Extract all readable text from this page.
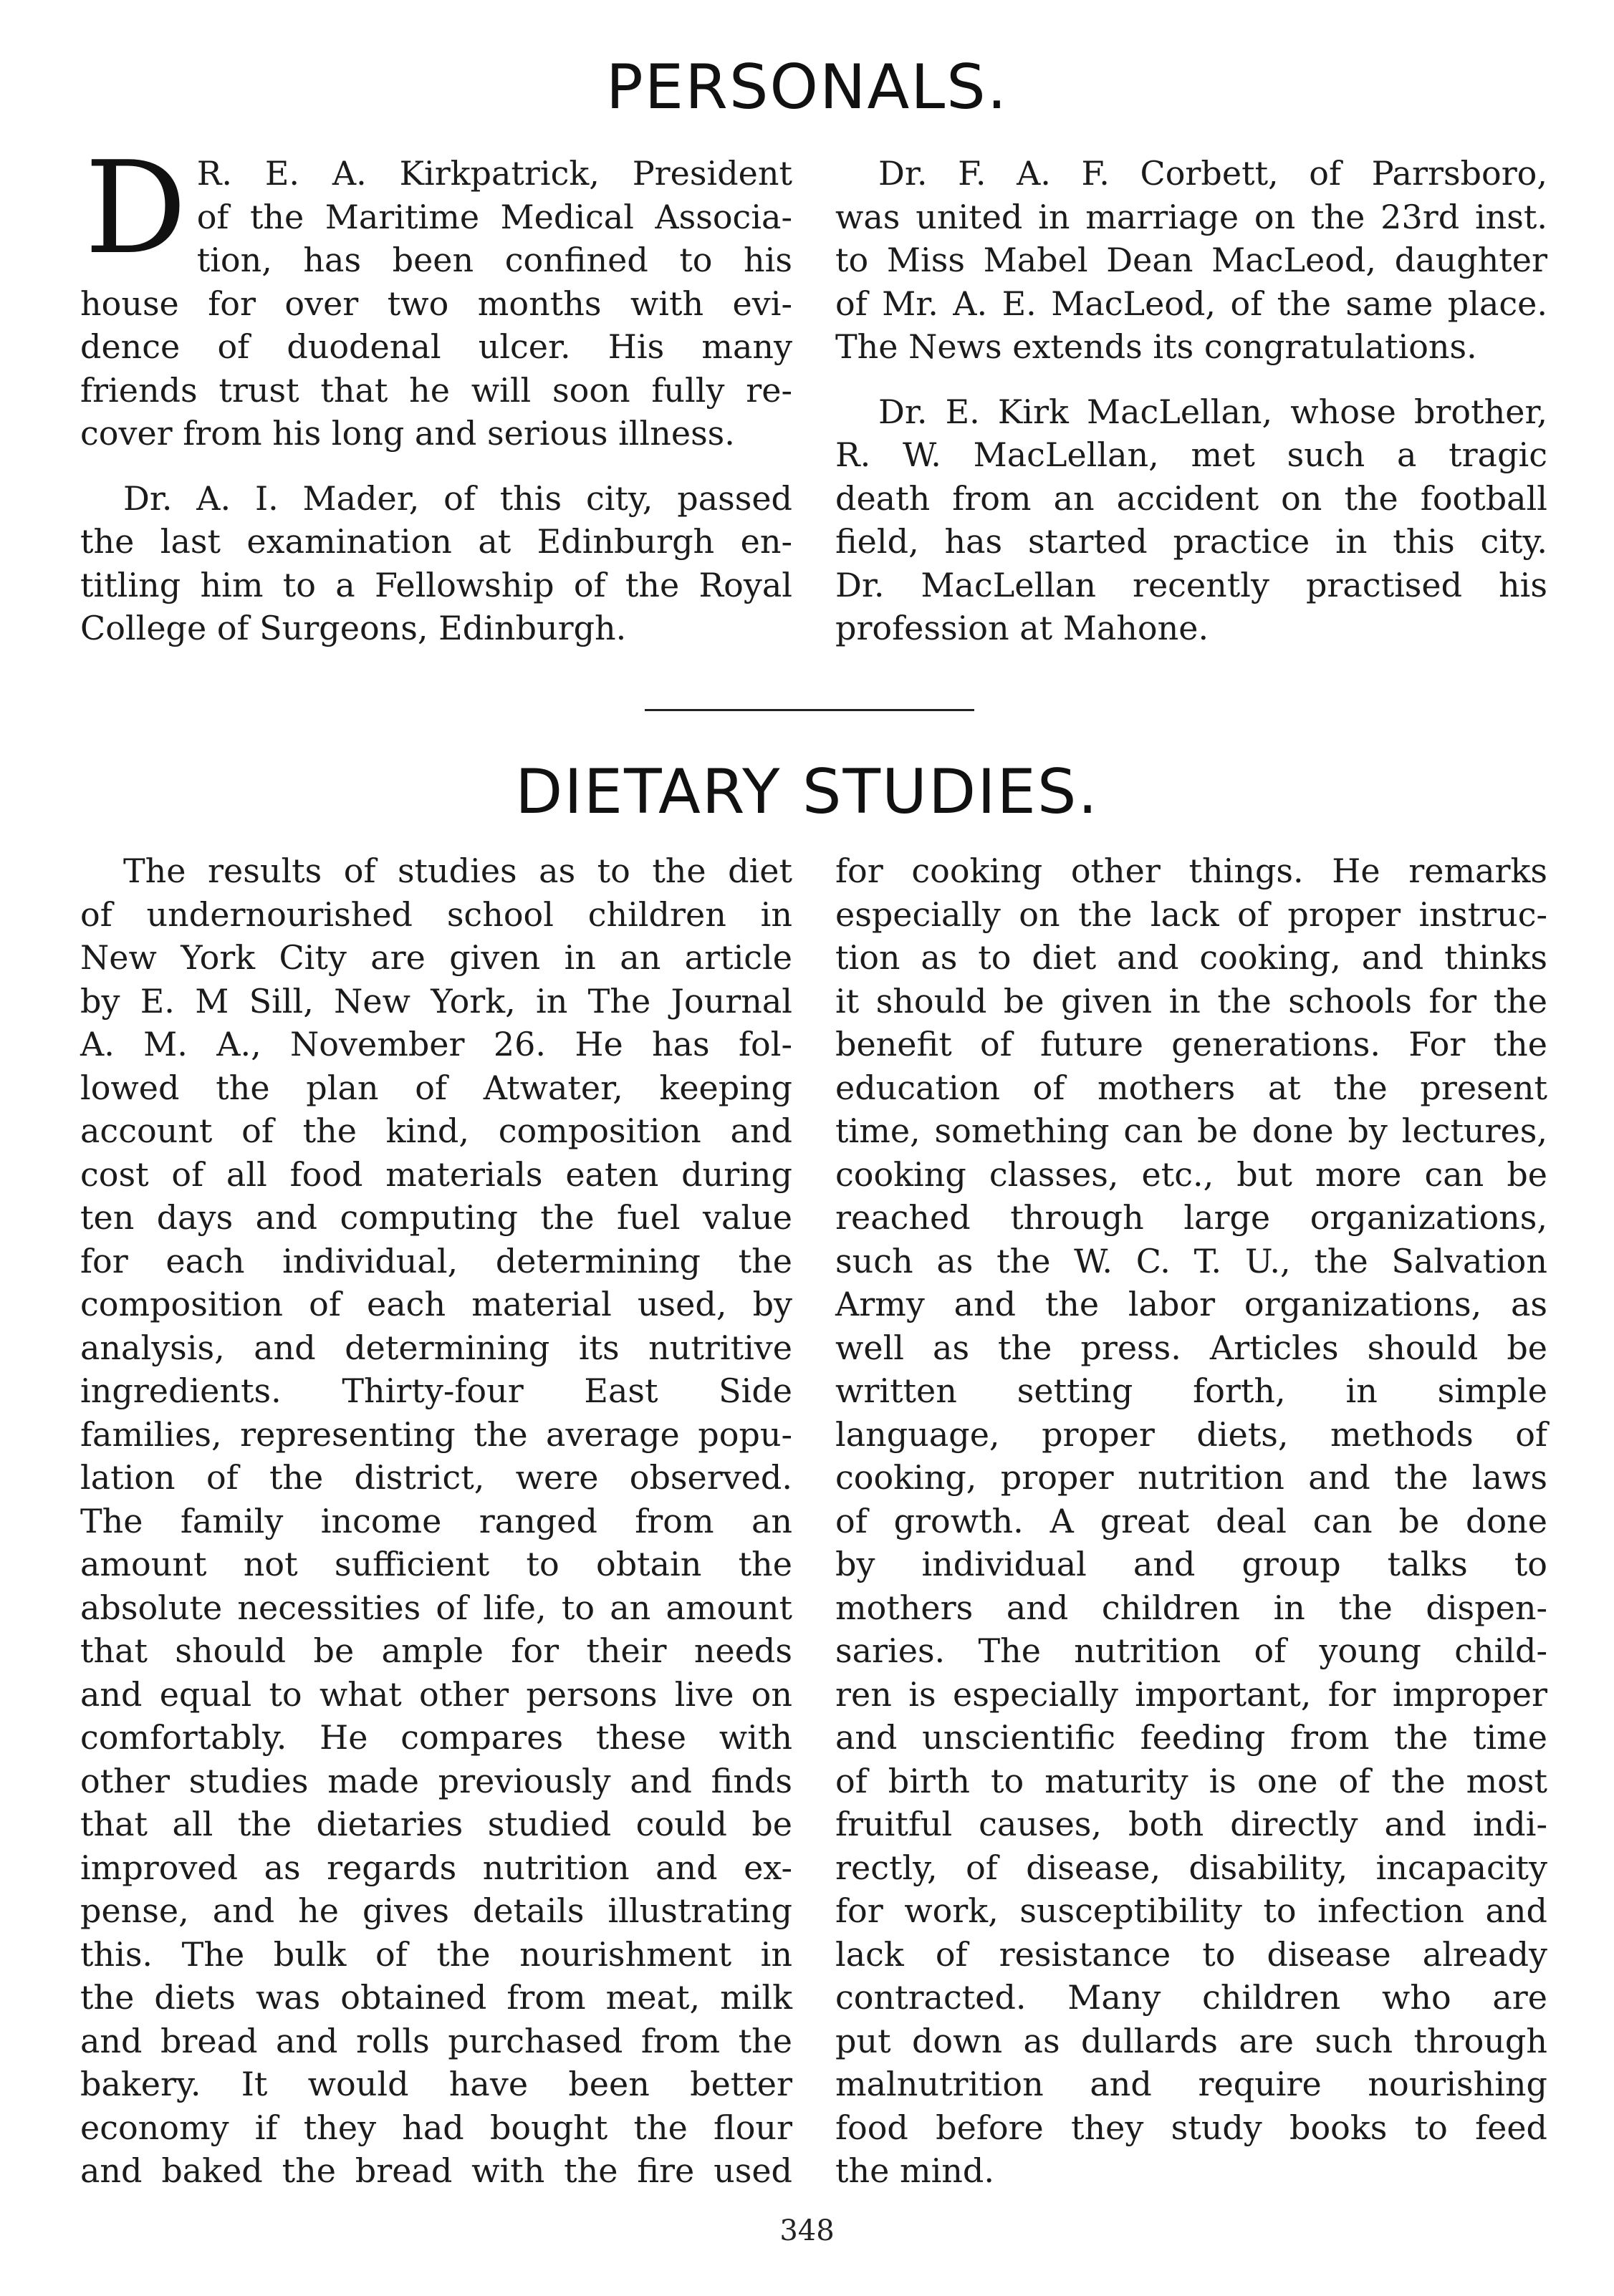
PERSONALS.

D R. E. A. Kirkpatrick, President
of the Maritime Medical Associa-
tion, has been confined to his
house for over two months with evi-
dence of duodenal ulcer. His many
friends trust that he will soon fully re-
cover from his long and serious illness.

Dr. A. I. Mader, of this city, passed
the last examination at Edinburgh en-
titling him to a Fellowship of the Royal
College of Surgeons, Edinburgh.

Dr. F. A. F. Corbett, of Parrsboro,
was united in marriage on the 23rd inst.
to Miss Mabel Dean MacLeod, daughter
of Mr. A. E. MacLeod, of the same place.
The News extends its congratulations.

Dr. E. Kirk MacLellan, whose brother,
R. W. MacLellan, met such a tragic
death from an accident on the football
field, has started practice in this city.
Dr. MacLellan recently practised his
profession at Mahone.

DIETARY STUDIES.

The results of studies as to the diet
of undernourished school children in
New York City are given in an article
by E. M Sill, New York, in The Journal
A. M. A., November 26. He has fol-
lowed the plan of Atwater, keeping
account of the kind, composition and
cost of all food materials eaten during
ten days and computing the fuel value
for each individual, determining the
composition of each material used, by
analysis, and determining its nutritive
ingredients. Thirty-four East Side
families, representing the average popu-
lation of the district, were observed.
The family income ranged from an
amount not sufficient to obtain the
absolute necessities of life, to an amount
that should be ample for their needs
and equal to what other persons live on
comfortably. He compares these with
other studies made previously and finds
that all the dietaries studied could be
improved as regards nutrition and ex-
pense, and he gives details illustrating
this. The bulk of the nourishment in
the diets was obtained from meat, milk
and bread and rolls purchased from the
bakery. It would have been better
economy if they had bought the flour
and baked the bread with the fire used

for cooking other things. He remarks
especially on the lack of proper instruc-
tion as to diet and cooking, and thinks
it should be given in the schools for the
benefit of future generations. For the
education of mothers at the present
time, something can be done by lectures,
cooking classes, etc., but more can be
reached through large organizations,
such as the W. C. T. U., the Salvation
Army and the labor organizations, as
well as the press. Articles should be
written setting forth, in simple
language, proper diets, methods of
cooking, proper nutrition and the laws
of growth. A great deal can be done
by individual and group talks to
mothers and children in the dispen-
saries. The nutrition of young child-
ren is especially important, for improper
and unscientific feeding from the time
of birth to maturity is one of the most
fruitful causes, both directly and indi-
rectly, of disease, disability, incapacity
for work, susceptibility to infection and
lack of resistance to disease already
contracted. Many children who are
put down as dullards are such through
malnutrition and require nourishing
food before they study books to feed
the mind.

348
